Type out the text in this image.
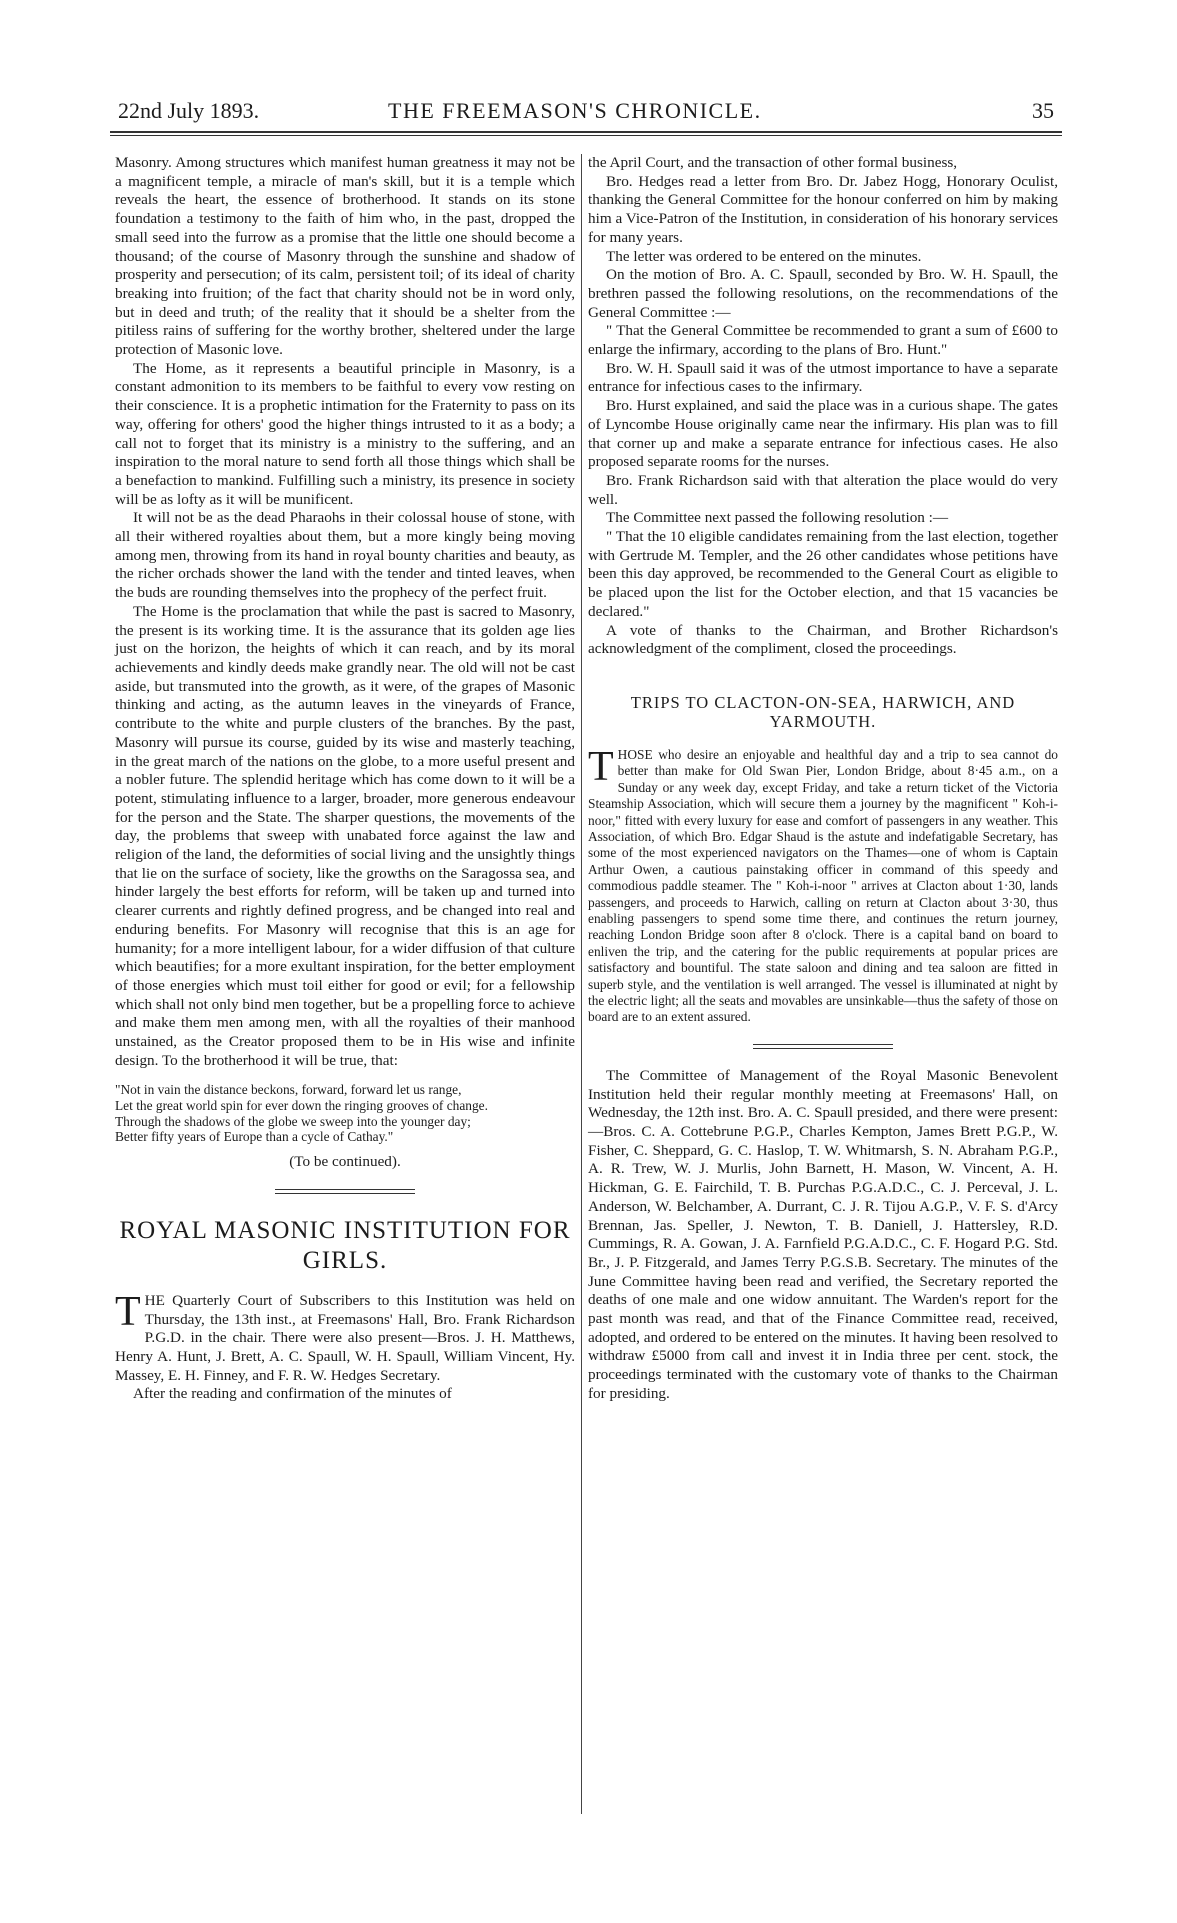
22nd July 1893.	THE FREEMASON'S CHRONICLE.	35

Masonry. Among structures which manifest human greatness it may not be a magnificent temple, a miracle of man's skill, but it is a temple which reveals the heart, the essence of brotherhood. It stands on its stone foundation a testimony to the faith of him who, in the past, dropped the small seed into the furrow as a promise that the little one should become a thousand; of the course of Masonry through the sunshine and shadow of prosperity and persecution; of its calm, persistent toil; of its ideal of charity breaking into fruition; of the fact that charity should not be in word only, but in deed and truth; of the reality that it should be a shelter from the pitiless rains of suffering for the worthy brother, sheltered under the large protection of Masonic love.

The Home, as it represents a beautiful principle in Masonry, is a constant admonition to its members to be faithful to every vow resting on their conscience. It is a prophetic intimation for the Fraternity to pass on its way, offering for others' good the higher things intrusted to it as a body; a call not to forget that its ministry is a ministry to the suffering, and an inspiration to the moral nature to send forth all those things which shall be a benefaction to mankind. Fulfilling such a ministry, its presence in society will be as lofty as it will be munificent.

It will not be as the dead Pharaohs in their colossal house of stone, with all their withered royalties about them, but a more kingly being moving among men, throwing from its hand in royal bounty charities and beauty, as the richer orchads shower the land with the tender and tinted leaves, when the buds are rounding themselves into the prophecy of the perfect fruit.

The Home is the proclamation that while the past is sacred to Masonry, the present is its working time. It is the assurance that its golden age lies just on the horizon, the heights of which it can reach, and by its moral achievements and kindly deeds make grandly near. The old will not be cast aside, but transmuted into the growth, as it were, of the grapes of Masonic thinking and acting, as the autumn leaves in the vineyards of France, contribute to the white and purple clusters of the branches. By the past, Masonry will pursue its course, guided by its wise and masterly teaching, in the great march of the nations on the globe, to a more useful present and a nobler future. The splendid heritage which has come down to it will be a potent, stimulating influence to a larger, broader, more generous endeavour for the person and the State. The sharper questions, the movements of the day, the problems that sweep with unabated force against the law and religion of the land, the deformities of social living and the unsightly things that lie on the surface of society, like the growths on the Saragossa sea, and hinder largely the best efforts for reform, will be taken up and turned into clearer currents and rightly defined progress, and be changed into real and enduring benefits. For Masonry will recognise that this is an age for humanity; for a more intelligent labour, for a wider diffusion of that culture which beautifies; for a more exultant inspiration, for the better employment of those energies which must toil either for good or evil; for a fellowship which shall not only bind men together, but be a propelling force to achieve and make them men among men, with all the royalties of their manhood unstained, as the Creator proposed them to be in His wise and infinite design. To the brotherhood it will be true, that:

"Not in vain the distance beckons, forward, forward let us range,
Let the great world spin for ever down the ringing grooves of change.
Through the shadows of the globe we sweep into the younger day;
Better fifty years of Europe than a cycle of Cathay."
(To be continued).
ROYAL MASONIC INSTITUTION FOR
GIRLS.

THE Quarterly Court of Subscribers to this Institution was held on Thursday, the 13th inst., at Freemasons' Hall, Bro. Frank Richardson P.G.D. in the chair. There were also present—Bros. J. H. Matthews, Henry A. Hunt, J. Brett, A. C. Spaull, W. H. Spaull, William Vincent, Hy. Massey, E. H. Finney, and F. R. W. Hedges Secretary.

After the reading and confirmation of the minutes of

the April Court, and the transaction of other formal business,

Bro. Hedges read a letter from Bro. Dr. Jabez Hogg, Honorary Oculist, thanking the General Committee for the honour conferred on him by making him a Vice-Patron of the Institution, in consideration of his honorary services for many years.

The letter was ordered to be entered on the minutes.

On the motion of Bro. A. C. Spaull, seconded by Bro. W. H. Spaull, the brethren passed the following resolutions, on the recommendations of the General Committee :—

" That the General Committee be recommended to grant a sum of £600 to enlarge the infirmary, according to the plans of Bro. Hunt."

Bro. W. H. Spaull said it was of the utmost importance to have a separate entrance for infectious cases to the infirmary.

Bro. Hurst explained, and said the place was in a curious shape. The gates of Lyncombe House originally came near the infirmary. His plan was to fill that corner up and make a separate entrance for infectious cases. He also proposed separate rooms for the nurses.

Bro. Frank Richardson said with that alteration the place would do very well.

The Committee next passed the following resolution :—

" That the 10 eligible candidates remaining from the last election, together with Gertrude M. Templer, and the 26 other candidates whose petitions have been this day approved, be recommended to the General Court as eligible to be placed upon the list for the October election, and that 15 vacancies be declared."

A vote of thanks to the Chairman, and Brother Richardson's acknowledgment of the compliment, closed the proceedings.

TRIPS TO CLACTON-ON-SEA, HARWICH, AND
YARMOUTH.

THOSE who desire an enjoyable and healthful day and a trip to sea cannot do better than make for Old Swan Pier, London Bridge, about 8·45 a.m., on a Sunday or any week day, except Friday, and take a return ticket of the Victoria Steamship Association, which will secure them a journey by the magnificent " Koh-i-noor," fitted with every luxury for ease and comfort of passengers in any weather. This Association, of which Bro. Edgar Shaud is the astute and indefatigable Secretary, has some of the most experienced navigators on the Thames—one of whom is Captain Arthur Owen, a cautious painstaking officer in command of this speedy and commodious paddle steamer. The " Koh-i-noor " arrives at Clacton about 1·30, lands passengers, and proceeds to Harwich, calling on return at Clacton about 3·30, thus enabling passengers to spend some time there, and continues the return journey, reaching London Bridge soon after 8 o'clock. There is a capital band on board to enliven the trip, and the catering for the public requirements at popular prices are satisfactory and bountiful. The state saloon and dining and tea saloon are fitted in superb style, and the ventilation is well arranged. The vessel is illuminated at night by the electric light; all the seats and movables are unsinkable—thus the safety of those on board are to an extent assured.

The Committee of Management of the Royal Masonic Benevolent Institution held their regular monthly meeting at Freemasons' Hall, on Wednesday, the 12th inst. Bro. A. C. Spaull presided, and there were present:—Bros. C. A. Cottebrune P.G.P., Charles Kempton, James Brett P.G.P., W. Fisher, C. Sheppard, G. C. Haslop, T. W. Whitmarsh, S. N. Abraham P.G.P., A. R. Trew, W. J. Murlis, John Barnett, H. Mason, W. Vincent, A. H. Hickman, G. E. Fairchild, T. B. Purchas P.G.A.D.C., C. J. Perceval, J. L. Anderson, W. Belchamber, A. Durrant, C. J. R. Tijou A.G.P., V. F. S. d'Arcy Brennan, Jas. Speller, J. Newton, T. B. Daniell, J. Hattersley, R.D. Cummings, R. A. Gowan, J. A. Farnfield P.G.A.D.C., C. F. Hogard P.G. Std. Br., J. P. Fitzgerald, and James Terry P.G.S.B. Secretary. The minutes of the June Committee having been read and verified, the Secretary reported the deaths of one male and one widow annuitant. The Warden's report for the past month was read, and that of the Finance Committee read, received, adopted, and ordered to be entered on the minutes. It having been resolved to withdraw £5000 from call and invest it in India three per cent. stock, the proceedings terminated with the customary vote of thanks to the Chairman for presiding.
